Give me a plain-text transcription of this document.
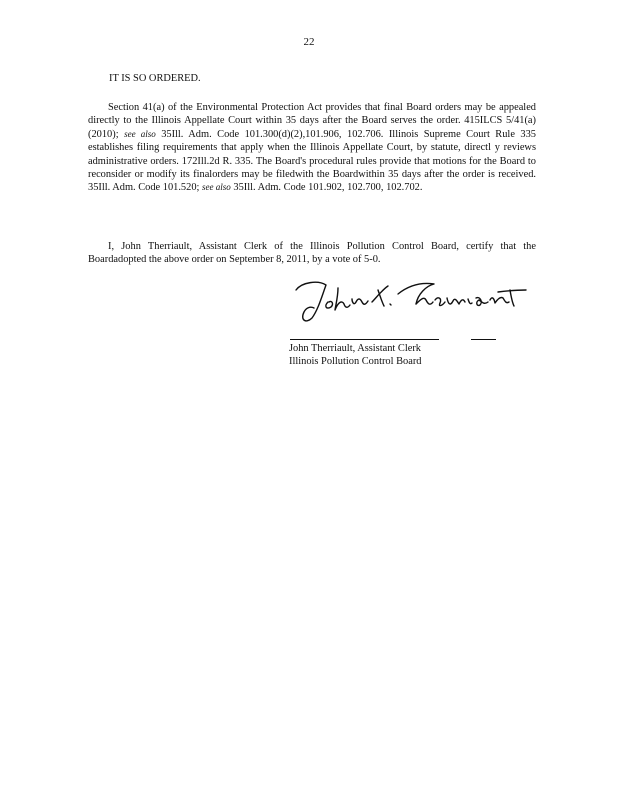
22
IT IS SO ORDERED.
Section 41(a) of the Environmental Protection Act provides that final Board orders may be appealed directly to the Illinois Appellate Court within 35 days after the Board serves the order. 415ILCS 5/41(a) (2010); see also 35Ill. Adm. Code 101.300(d)(2),101.906, 102.706. Illinois Supreme Court Rule 335 establishes filing requirements that apply when the Illinois Appellate Court, by statute, directl y reviews administrative orders. 172Ill.2d R. 335. The Board's procedural rules provide that motions for the Board to reconsider or modify its finalorders may be filedwith the Boardwithin 35 days after the order is received. 35Ill. Adm. Code 101.520; see also 35Ill. Adm. Code 101.902, 102.700, 102.702.
I, John Therriault, Assistant Clerk of the Illinois Pollution Control Board, certify that the Boardadopted the above order on September 8, 2011, by a vote of 5-0.
John Therriault, Assistant Clerk
Illinois Pollution Control Board
